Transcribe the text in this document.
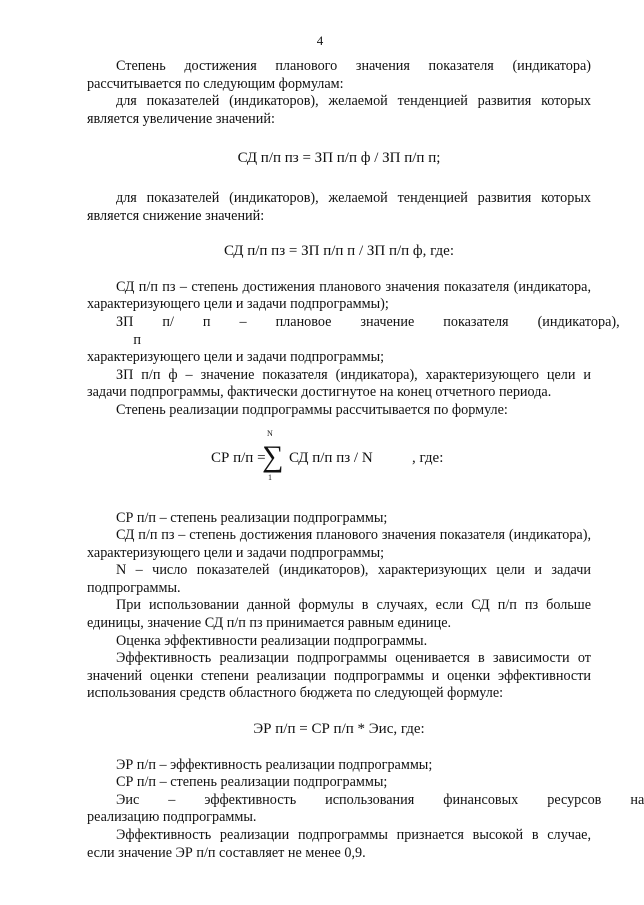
4

Степень достижения планового значения показателя (индикатора) рассчитывается по следующим формулам:

для показателей (индикаторов), желаемой тенденцией развития которых является увеличение значений:

СД п/п пз = ЗП п/п ф / ЗП п/п п;

для показателей (индикаторов), желаемой тенденцией развития которых является снижение значений:

СД п/п пз = ЗП п/п п / ЗП п/п ф, где:

СД п/п пз – степень достижения планового значения показателя (индикатора, характеризующего цели и задачи подпрограммы);

ЗП	п/п
п	–	плановое	значение	показателя	(индикатора),

характеризующего цели и задачи подпрограммы;

ЗП п/п ф – значение показателя (индикатора), характеризующего цели и задачи подпрограммы, фактически достигнутое на конец отчетного периода.

Степень реализации подпрограммы рассчитывается по формуле:

СР п/п =
N
∑
1
СД п/п пз / N	, где:

СР п/п – степень реализации подпрограммы;

СД п/п пз – степень достижения планового значения показателя (индикатора), характеризующего цели и задачи подпрограммы;

N – число показателей (индикаторов), характеризующих цели и задачи подпрограммы.

При использовании данной формулы в случаях, если СД п/п пз больше единицы, значение СД п/п пз принимается равным единице.

Оценка эффективности реализации подпрограммы.

Эффективность реализации подпрограммы оценивается в зависимости от значений оценки степени реализации подпрограммы и оценки эффективности использования средств областного бюджета по следующей формуле:

ЭР п/п = СР п/п * Эис, где:

ЭР п/п – эффективность реализации подпрограммы;

СР п/п – степень реализации подпрограммы;

Эис	–	эффективность	использования	финансовых	ресурсов	на

реализацию подпрограммы.

Эффективность реализации подпрограммы признается высокой в случае, если значение ЭР п/п составляет не менее 0,9.
